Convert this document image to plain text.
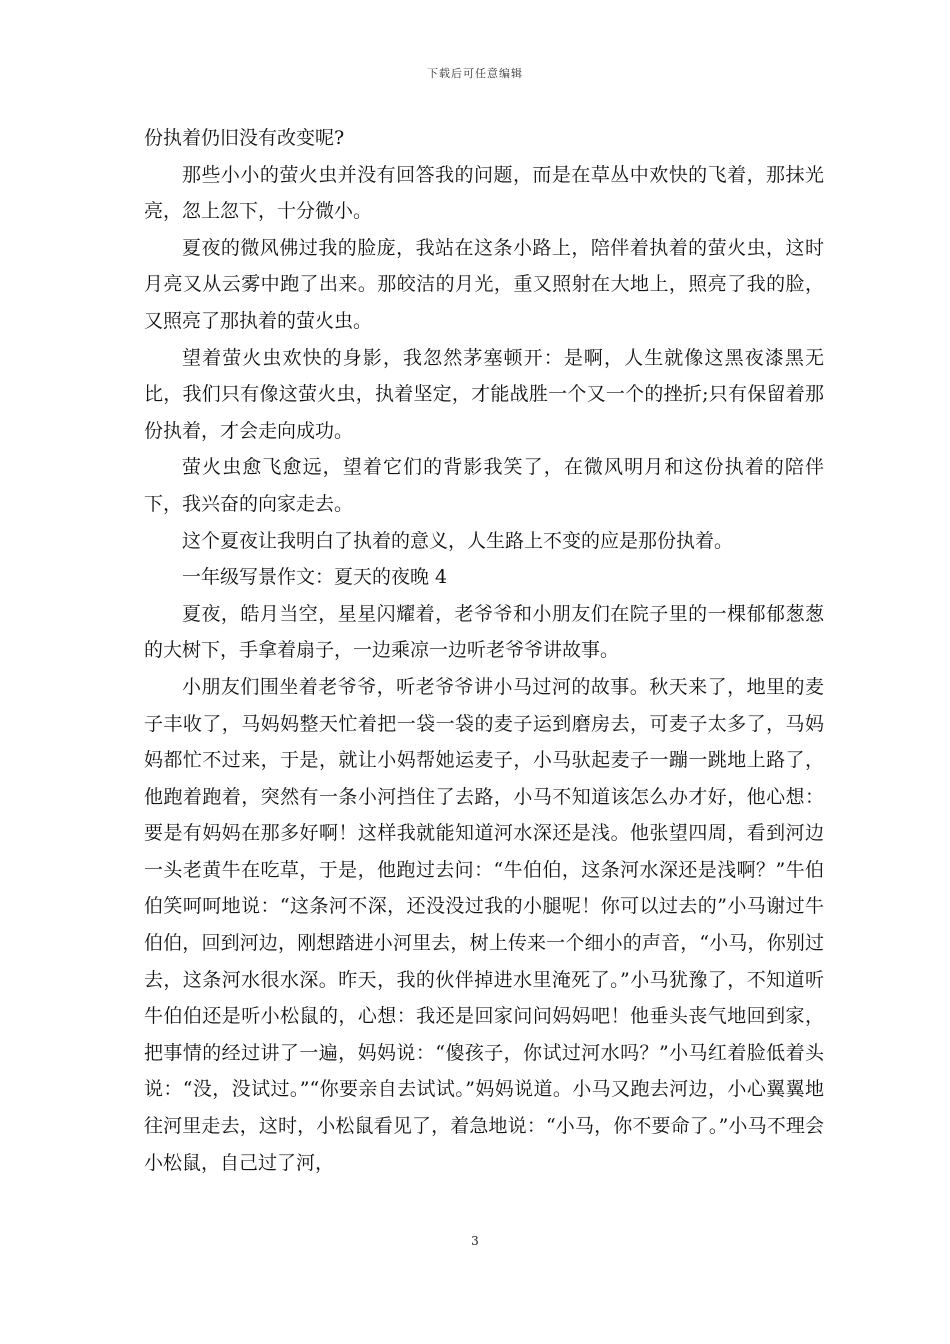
下载后可任意编辑

份执着仍旧没有改变呢?

那些小小的萤火虫并没有回答我的问题，而是在草丛中欢快的飞着，那抹光亮，忽上忽下，十分微小。

夏夜的微风佛过我的脸庞，我站在这条小路上，陪伴着执着的萤火虫，这时月亮又从云雾中跑了出来。那皎洁的月光，重又照射在大地上，照亮了我的脸，又照亮了那执着的萤火虫。

望着萤火虫欢快的身影，我忽然茅塞顿开：是啊，人生就像这黑夜漆黑无比，我们只有像这萤火虫，执着坚定，才能战胜一个又一个的挫折;只有保留着那份执着，才会走向成功。

萤火虫愈飞愈远，望着它们的背影我笑了，在微风明月和这份执着的陪伴下，我兴奋的向家走去。

这个夏夜让我明白了执着的意义，人生路上不变的应是那份执着。

一年级写景作文：夏天的夜晚 4

夏夜，皓月当空，星星闪耀着，老爷爷和小朋友们在院子里的一棵郁郁葱葱的大树下，手拿着扇子，一边乘凉一边听老爷爷讲故事。

小朋友们围坐着老爷爷，听老爷爷讲小马过河的故事。秋天来了，地里的麦子丰收了，马妈妈整天忙着把一袋一袋的麦子运到磨房去，可麦子太多了，马妈妈都忙不过来，于是，就让小妈帮她运麦子，小马驮起麦子一蹦一跳地上路了，他跑着跑着，突然有一条小河挡住了去路，小马不知道该怎么办才好，他心想：要是有妈妈在那多好啊！这样我就能知道河水深还是浅。他张望四周，看到河边一头老黄牛在吃草，于是，他跑过去问：“牛伯伯，这条河水深还是浅啊？”牛伯伯笑呵呵地说：“这条河不深，还没没过我的小腿呢！你可以过去的”小马谢过牛伯伯，回到河边，刚想踏进小河里去，树上传来一个细小的声音，“小马，你别过去，这条河水很水深。昨天，我的伙伴掉进水里淹死了。”小马犹豫了，不知道听牛伯伯还是听小松鼠的，心想：我还是回家问问妈妈吧！他垂头丧气地回到家，把事情的经过讲了一遍，妈妈说：“傻孩子，你试过河水吗？”小马红着脸低着头说：“没，没试过。”“你要亲自去试试。”妈妈说道。小马又跑去河边，小心翼翼地往河里走去，这时，小松鼠看见了，着急地说：“小马，你不要命了。”小马不理会小松鼠，自己过了河，

3
